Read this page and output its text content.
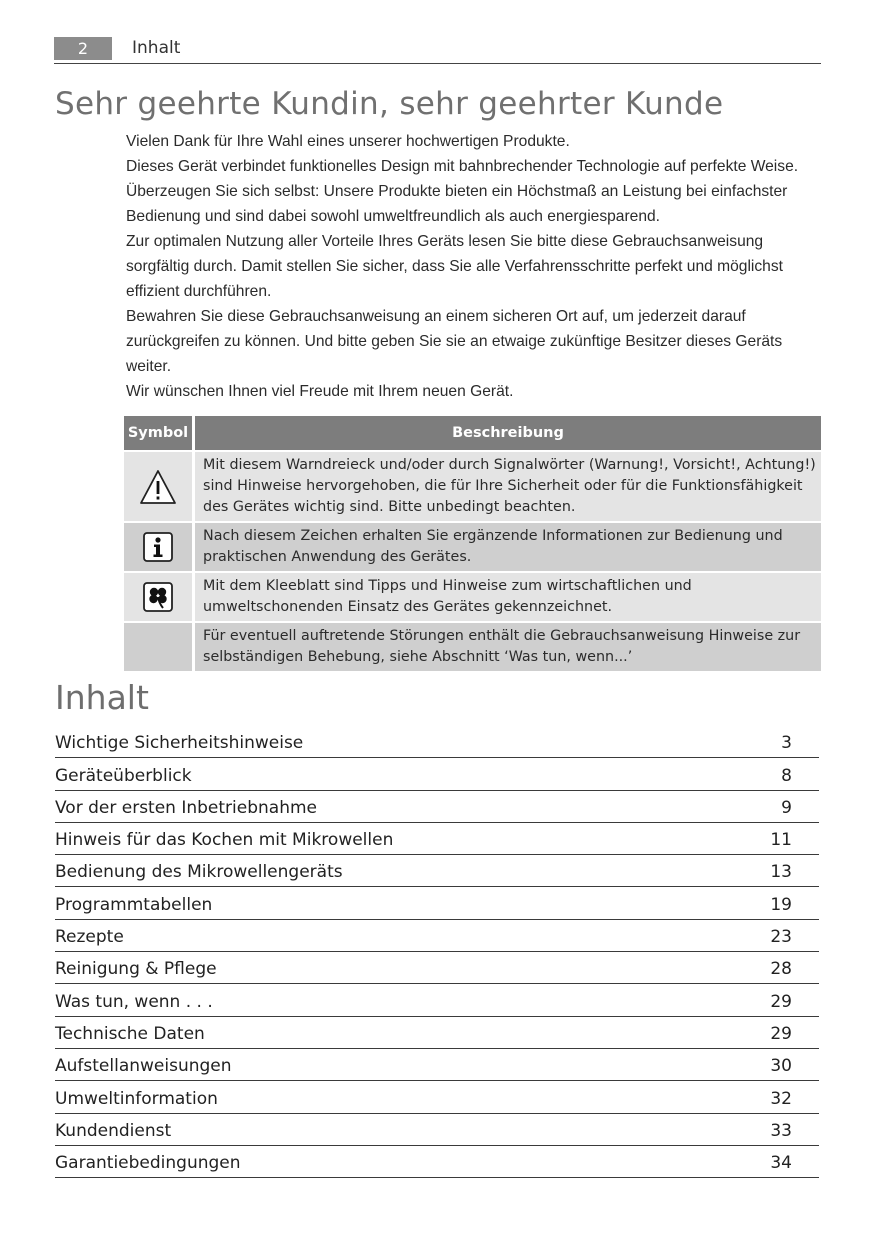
2	Inhalt
Sehr geehrte Kundin, sehr geehrter Kunde

Vielen Dank für Ihre Wahl eines unserer hochwertigen Produkte.

Dieses Gerät verbindet funktionelles Design mit bahnbrechender Technologie auf perfekte Weise. Überzeugen Sie sich selbst: Unsere Produkte bieten ein Höchstmaß an Leistung bei einfachster Bedienung und sind dabei sowohl umweltfreundlich als auch energiesparend.

Zur optimalen Nutzung aller Vorteile Ihres Geräts lesen Sie bitte diese Gebrauchsanweisung sorgfältig durch. Damit stellen Sie sicher, dass Sie alle Verfahrensschritte perfekt und möglichst effizient durchführen.

Bewahren Sie diese Gebrauchsanweisung an einem sicheren Ort auf, um jederzeit darauf zurückgreifen zu können. Und bitte geben Sie sie an etwaige zukünftige Besitzer dieses Geräts weiter.

Wir wünschen Ihnen viel Freude mit Ihrem neuen Gerät.

Symbol	Beschreibung

	Mit diesem Warndreieck und/oder durch Signalwörter (Warnung!, Vorsicht!, Achtung!) sind Hinweise hervorgehoben, die für Ihre Sicherheit oder für die Funktionsfähigkeit des Gerätes wichtig sind. Bitte unbedingt beachten.

	Nach diesem Zeichen erhalten Sie ergänzende Informationen zur Bedienung und praktischen Anwendung des Gerätes.

	Mit dem Kleeblatt sind Tipps und Hinweise zum wirtschaftlichen und umweltschonenden Einsatz des Gerätes gekennzeichnet.
	Für eventuell auftretende Störungen enthält die Gebrauchsanweisung Hinweise zur selbständigen Behebung, siehe Abschnitt ‘Was tun, wenn...’
Inhalt
Wichtige Sicherheitshinweise	3
Geräteüberblick	8
Vor der ersten Inbetriebnahme	9
Hinweis für das Kochen mit Mikrowellen	11
Bedienung des Mikrowellengeräts	13
Programmtabellen	19
Rezepte	23
Reinigung & Pflege	28
Was tun, wenn . . .	29
Technische Daten	29
Aufstellanweisungen	30
Umweltinformation	32
Kundendienst	33
Garantiebedingungen	34
